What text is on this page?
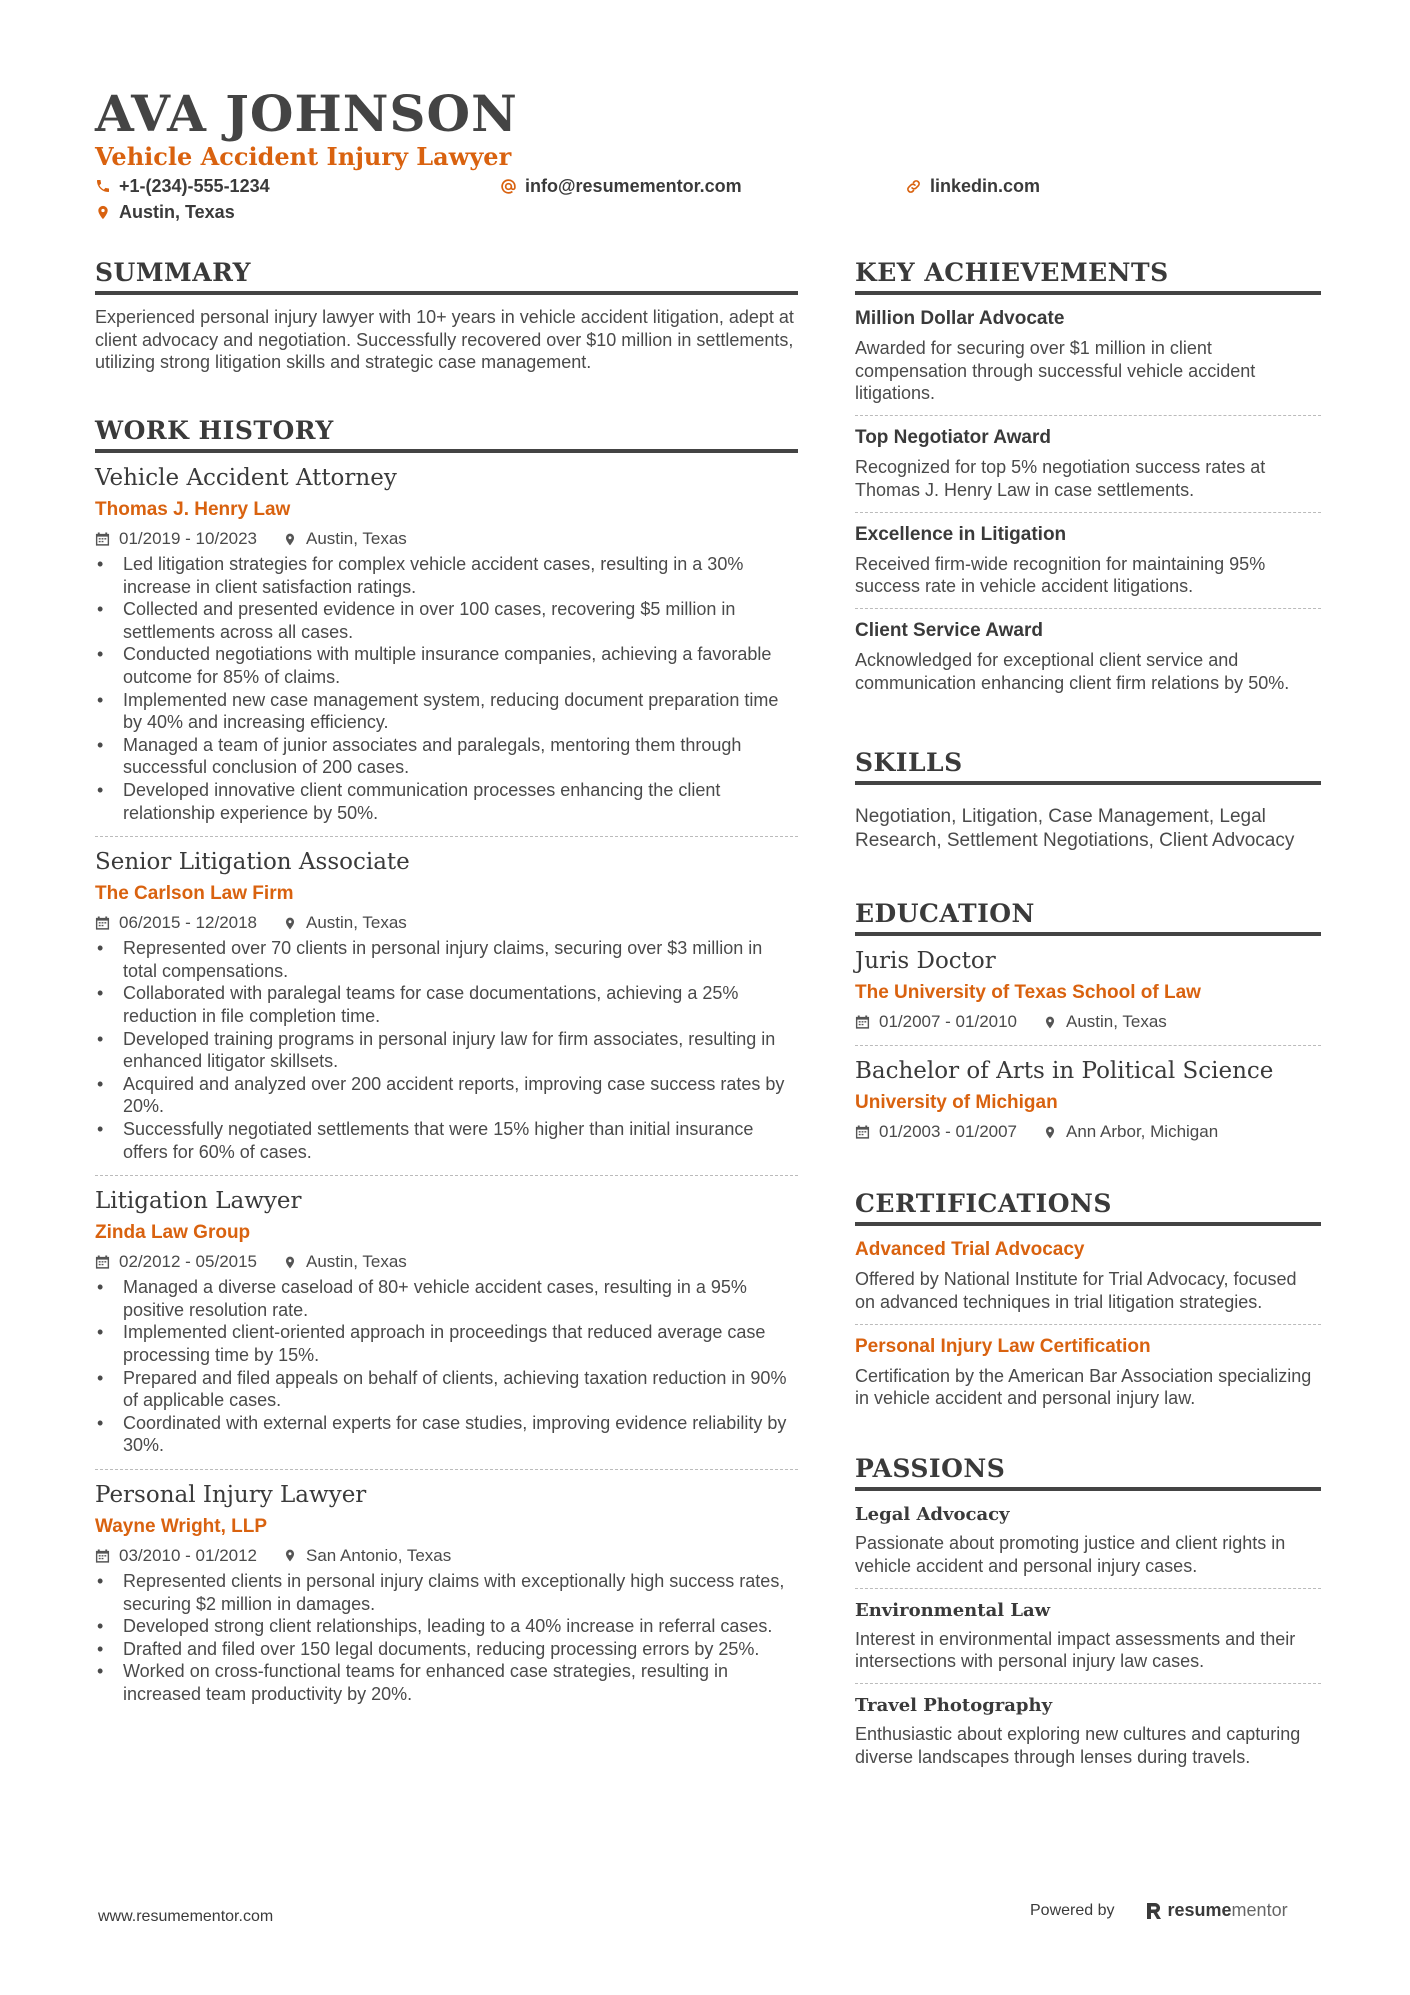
AVA JOHNSON
Vehicle Accident Injury Lawyer
+1-(234)-555-1234	info@resumementor.com	linkedin.com
Austin, Texas
SUMMARY
Experienced personal injury lawyer with 10+ years in vehicle accident litigation, adept at client advocacy and negotiation. Successfully recovered over $10 million in settlements, utilizing strong litigation skills and strategic case management.
WORK HISTORY
Vehicle Accident Attorney
Thomas J. Henry Law
01/2019 - 10/2023	Austin, Texas
• Led litigation strategies for complex vehicle accident cases, resulting in a 30% increase in client satisfaction ratings.
• Collected and presented evidence in over 100 cases, recovering $5 million in settlements across all cases.
• Conducted negotiations with multiple insurance companies, achieving a favorable outcome for 85% of claims.
• Implemented new case management system, reducing document preparation time by 40% and increasing efficiency.
• Managed a team of junior associates and paralegals, mentoring them through successful conclusion of 200 cases.
• Developed innovative client communication processes enhancing the client relationship experience by 50%.
Senior Litigation Associate
The Carlson Law Firm
06/2015 - 12/2018	Austin, Texas
• Represented over 70 clients in personal injury claims, securing over $3 million in total compensations.
• Collaborated with paralegal teams for case documentations, achieving a 25% reduction in file completion time.
• Developed training programs in personal injury law for firm associates, resulting in enhanced litigator skillsets.
• Acquired and analyzed over 200 accident reports, improving case success rates by 20%.
• Successfully negotiated settlements that were 15% higher than initial insurance offers for 60% of cases.
Litigation Lawyer
Zinda Law Group
02/2012 - 05/2015	Austin, Texas
• Managed a diverse caseload of 80+ vehicle accident cases, resulting in a 95% positive resolution rate.
• Implemented client-oriented approach in proceedings that reduced average case processing time by 15%.
• Prepared and filed appeals on behalf of clients, achieving taxation reduction in 90% of applicable cases.
• Coordinated with external experts for case studies, improving evidence reliability by 30%.
Personal Injury Lawyer
Wayne Wright, LLP
03/2010 - 01/2012	San Antonio, Texas
• Represented clients in personal injury claims with exceptionally high success rates, securing $2 million in damages.
• Developed strong client relationships, leading to a 40% increase in referral cases.
• Drafted and filed over 150 legal documents, reducing processing errors by 25%.
• Worked on cross-functional teams for enhanced case strategies, resulting in increased team productivity by 20%.
KEY ACHIEVEMENTS
Million Dollar Advocate
Awarded for securing over $1 million in client compensation through successful vehicle accident litigations.
Top Negotiator Award
Recognized for top 5% negotiation success rates at Thomas J. Henry Law in case settlements.
Excellence in Litigation
Received firm-wide recognition for maintaining 95% success rate in vehicle accident litigations.
Client Service Award
Acknowledged for exceptional client service and communication enhancing client firm relations by 50%.
SKILLS
Negotiation, Litigation, Case Management, Legal Research, Settlement Negotiations, Client Advocacy
EDUCATION
Juris Doctor
The University of Texas School of Law
01/2007 - 01/2010	Austin, Texas
Bachelor of Arts in Political Science
University of Michigan
01/2003 - 01/2007	Ann Arbor, Michigan
CERTIFICATIONS
Advanced Trial Advocacy
Offered by National Institute for Trial Advocacy, focused on advanced techniques in trial litigation strategies.
Personal Injury Law Certification
Certification by the American Bar Association specializing in vehicle accident and personal injury law.
PASSIONS
Legal Advocacy
Passionate about promoting justice and client rights in vehicle accident and personal injury cases.
Environmental Law
Interest in environmental impact assessments and their intersections with personal injury law cases.
Travel Photography
Enthusiastic about exploring new cultures and capturing diverse landscapes through lenses during travels.
www.resumementor.com	Powered by	resume mentor
